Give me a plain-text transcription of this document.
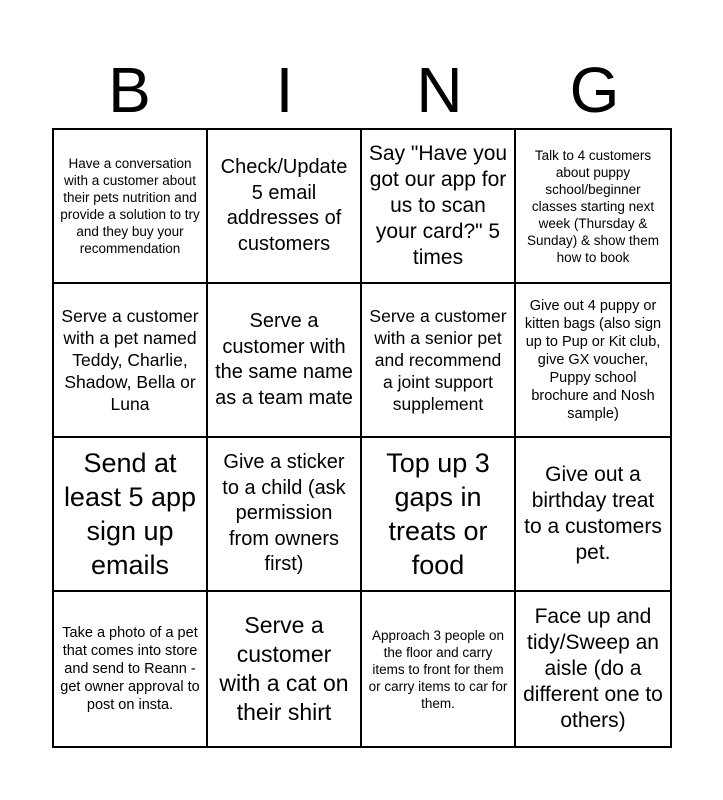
B	I	N	G
Have a conversation with a customer about their pets nutrition and provide a solution to try and they buy your recommendation
Check/Update 5 email addresses of customers
Say "Have you got our app for us to scan your card?" 5 times
Talk to 4 customers about puppy school/beginner classes starting next week (Thursday & Sunday) & show them how to book
Serve a customer with a pet named Teddy, Charlie, Shadow, Bella or Luna
Serve a customer with the same name as a team mate
Serve a customer with a senior pet and recommend a joint support supplement
Give out 4 puppy or kitten bags (also sign up to Pup or Kit club, give GX voucher, Puppy school brochure and Nosh sample)
Send at least 5 app sign up emails
Give a sticker to a child (ask permission from owners first)
Top up 3 gaps in treats or food
Give out a birthday treat to a customers pet.
Take a photo of a pet that comes into store and send to Reann - get owner approval to post on insta.
Serve a customer with a cat on their shirt
Approach 3 people on the floor and carry items to front for them or carry items to car for them.
Face up and tidy/Sweep an aisle (do a different one to others)
